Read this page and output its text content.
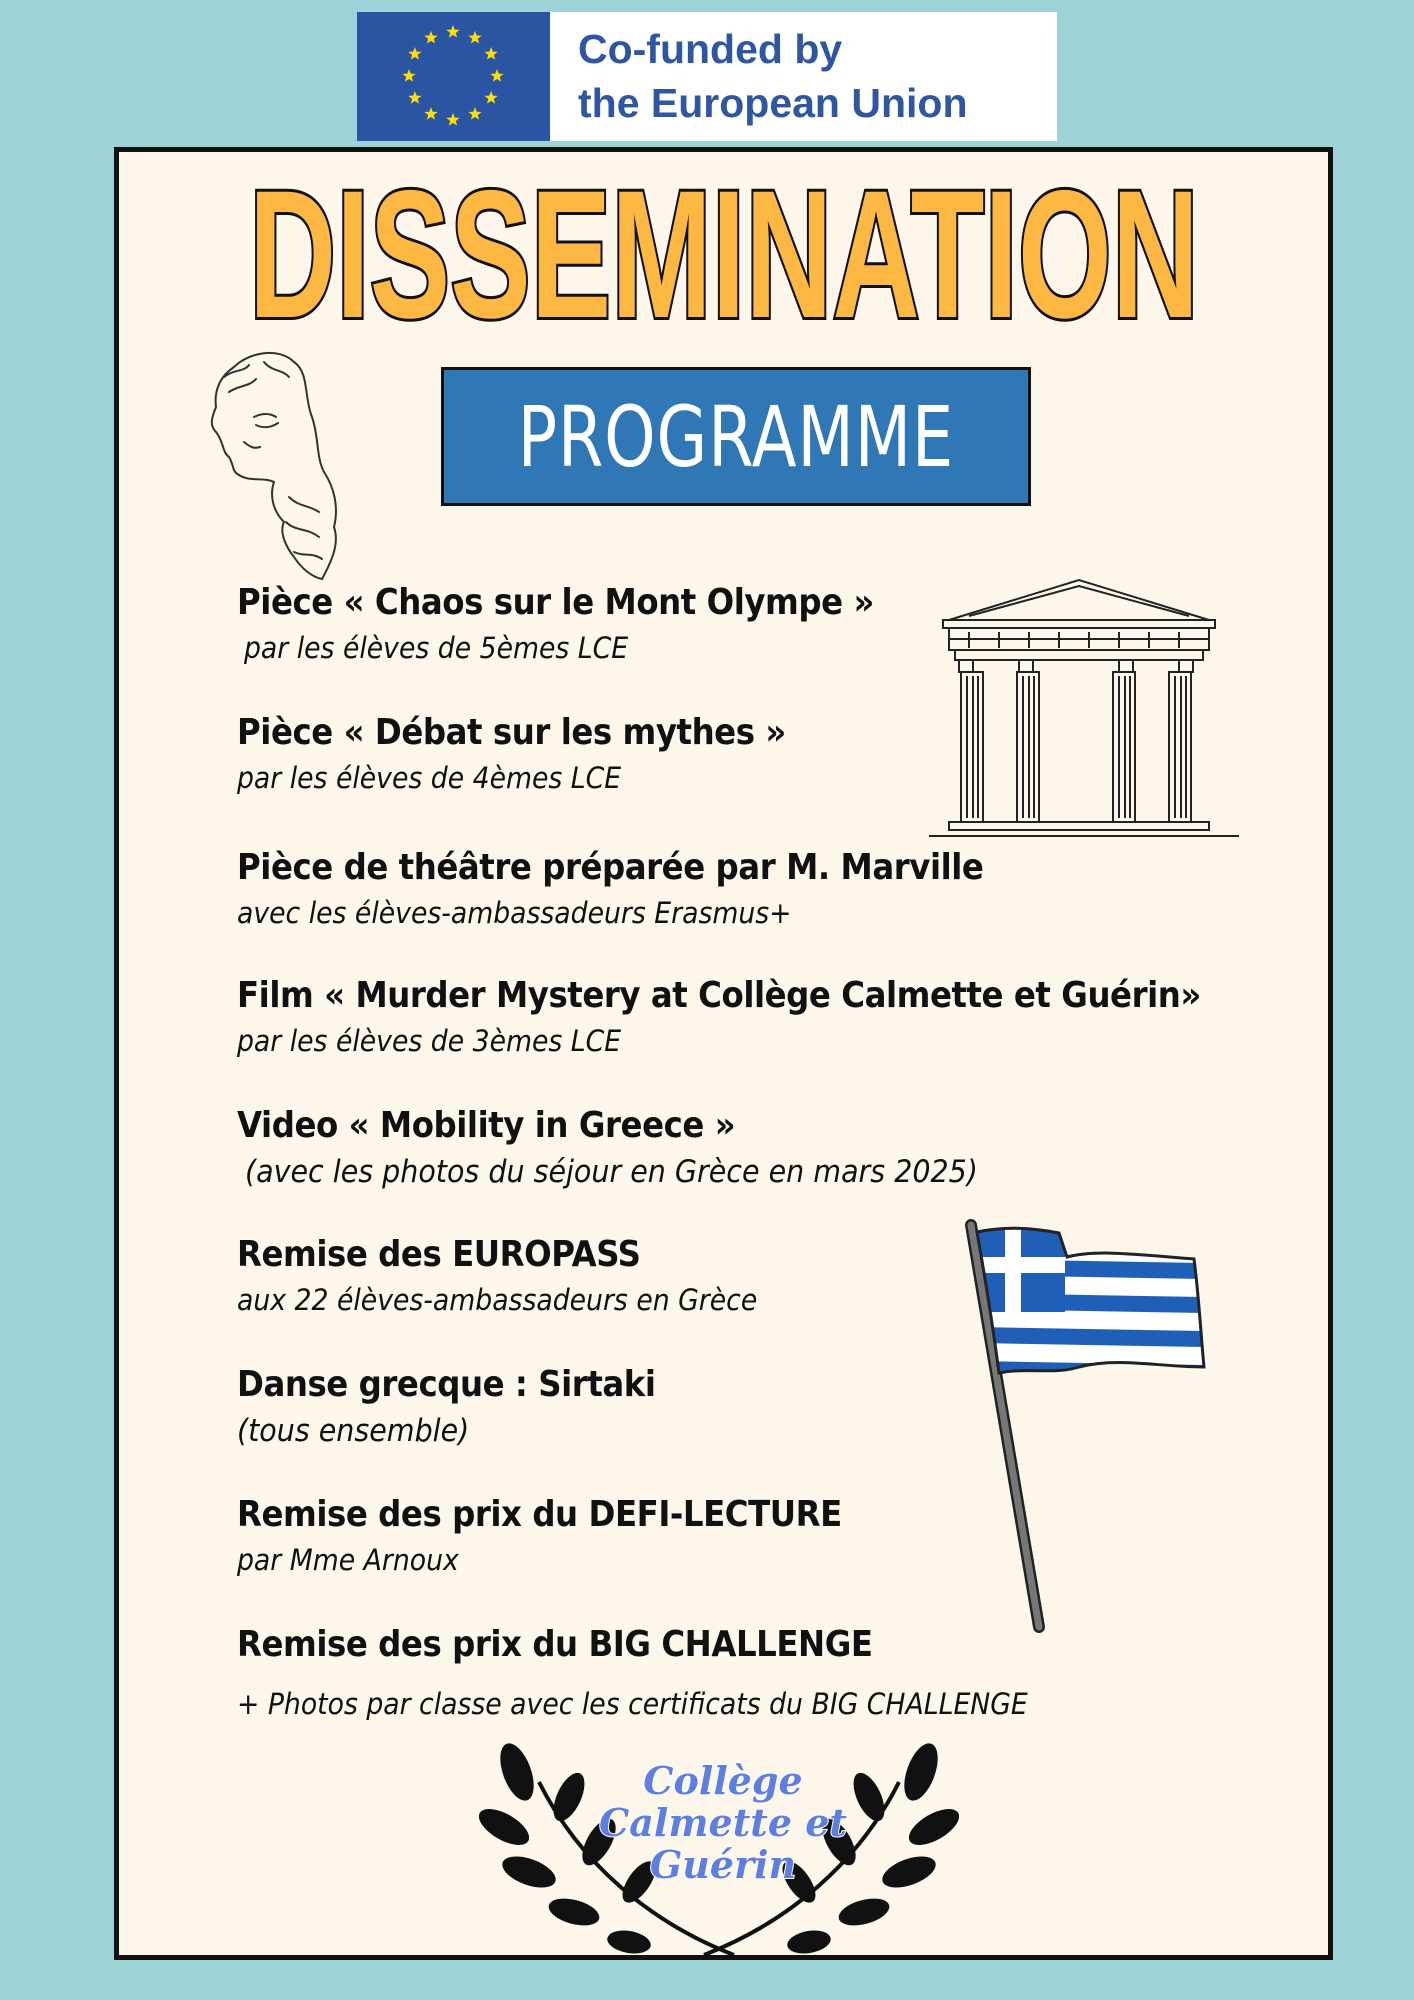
Co-funded by
the European Union
DISSEMINATION
PROGRAMME
Pièce « Chaos sur le Mont Olympe »
par les élèves de 5èmes LCE
Pièce « Débat sur les mythes »
par les élèves de 4èmes LCE
Pièce de théâtre préparée par M. Marville
avec les élèves-ambassadeurs Erasmus+
Film « Murder Mystery at Collège Calmette et Guérin»
par les élèves de 3èmes LCE
Video « Mobility in Greece »
(avec les photos du séjour en Grèce en mars 2025)
Remise des EUROPASS
aux 22 élèves-ambassadeurs en Grèce
Danse grecque : Sirtaki
(tous ensemble)
Remise des prix du DEFI-LECTURE
par Mme Arnoux
Remise des prix du BIG CHALLENGE
+ Photos par classe avec les certificats du BIG CHALLENGE
Collège
Calmette et
Guérin
